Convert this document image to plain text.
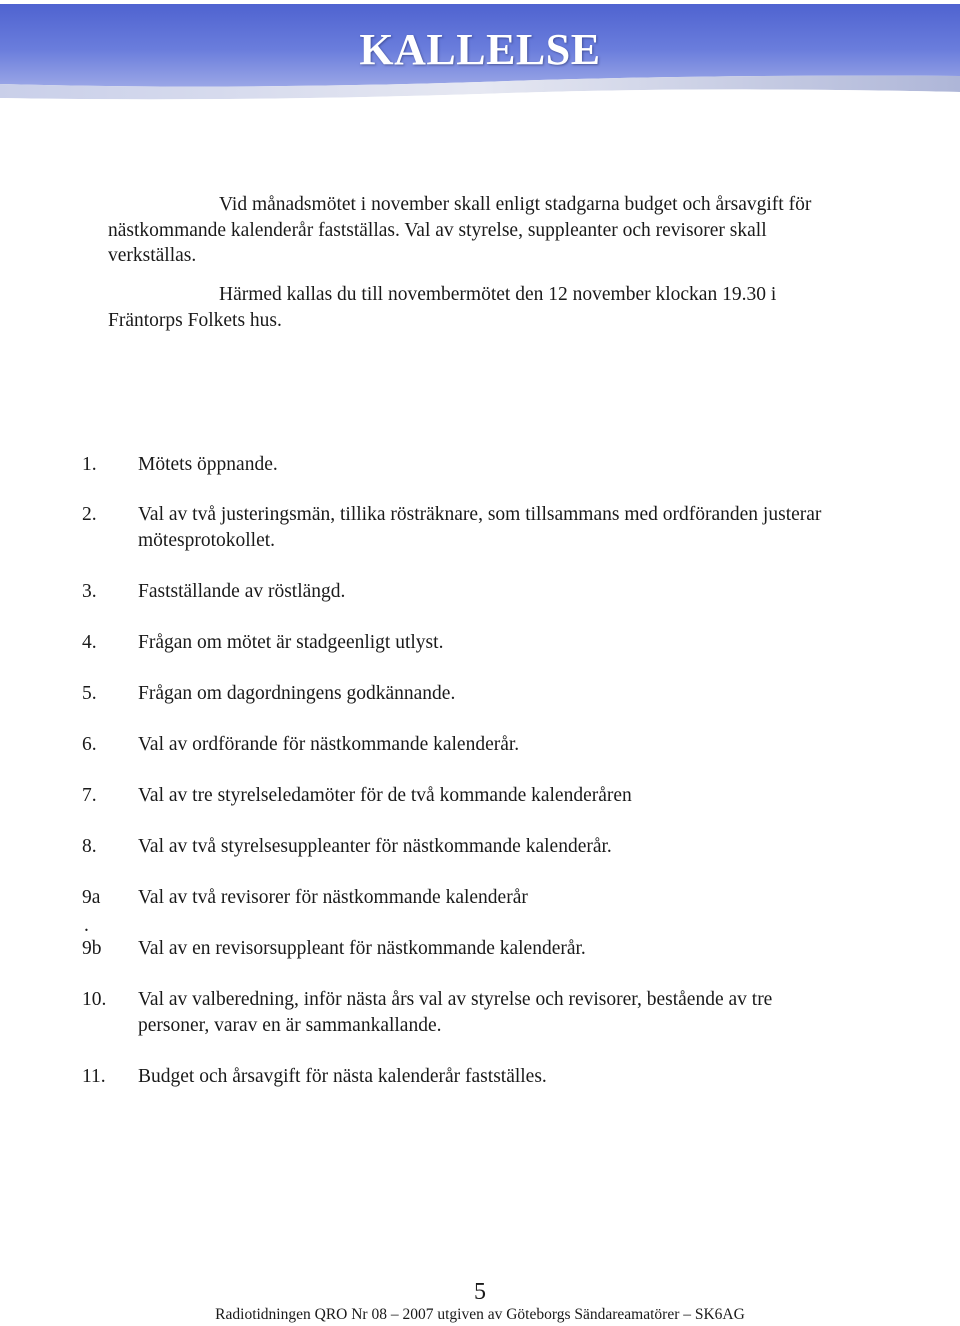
KALLELSE
Vid månadsmötet i november skall enligt stadgarna budget och årsavgift för nästkommande kalenderår fastställas. Val av styrelse, suppleanter och revisorer skall verkställas.
Härmed kallas du till novembermötet den 12 november klockan 19.30 i Fräntorps Folkets hus.
1.	Mötets öppnande.
2.	Val av två justeringsmän, tillika rösträknare, som tillsammans med ordföranden justerar mötesprotokollet.
3.	Fastställande av röstlängd.
4.	Frågan om mötet är stadgeenligt utlyst.
5.	Frågan om dagordningens godkännande.
6.	Val av ordförande för nästkommande kalenderår.
7.	Val av tre styrelseledamöter för de två kommande kalenderåren
8.	Val av två styrelsesuppleanter för nästkommande kalenderår.
9a	Val av två revisorer för nästkommande kalenderår
.
9b	Val av en revisorsuppleant för nästkommande kalenderår.
10.	Val av valberedning, inför nästa års val av styrelse och revisorer, bestående av tre personer, varav en är sammankallande.
11.	Budget och årsavgift för nästa kalenderår fastställes.
5
Radiotidningen QRO Nr 08 – 2007 utgiven av Göteborgs Sändareamatörer – SK6AG
